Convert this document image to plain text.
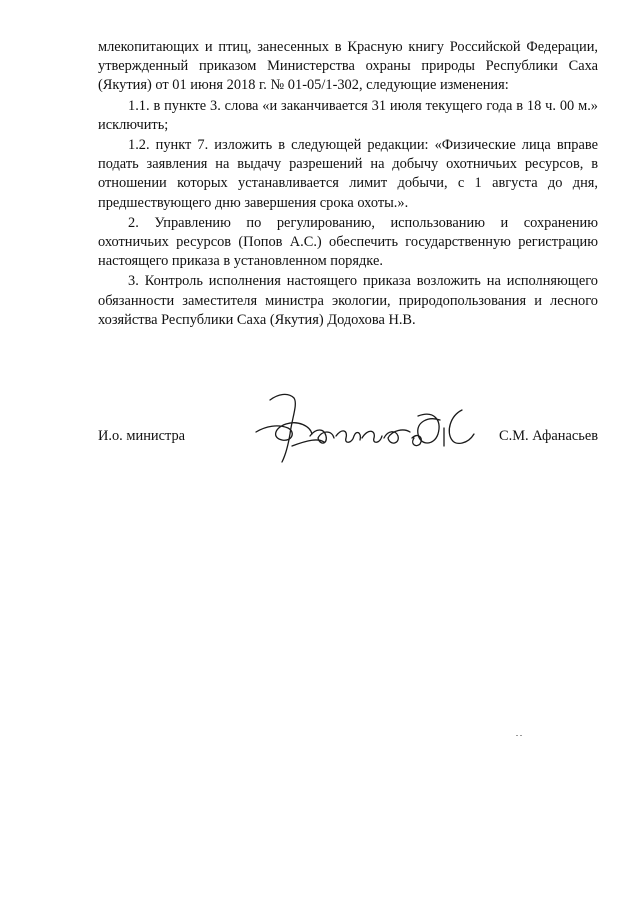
млекопитающих и птиц, занесенных в Красную книгу Российской Федерации, утвержденный приказом Министерства охраны природы Республики Саха (Якутия) от 01 июня 2018 г. № 01-05/1-302, следующие изменения:

1.1. в пункте 3. слова «и заканчивается 31 июля текущего года в 18 ч. 00 м.» исключить;

1.2. пункт 7. изложить в следующей редакции: «Физические лица вправе подать заявления на выдачу разрешений на добычу охотничьих ресурсов, в отношении которых устанавливается лимит добычи, с 1 августа до дня, предшествующего дню завершения срока охоты.».

2. Управлению по регулированию, использованию и сохранению охотничьих ресурсов (Попов А.С.) обеспечить государственную регистрацию настоящего приказа в установленном порядке.

3. Контроль исполнения настоящего приказа возложить на исполняющего обязанности заместителя министра экологии, природопользования и лесного хозяйства Республики Саха (Якутия) Додохова Н.В.

И.о. министра	С.М. Афанасьев
